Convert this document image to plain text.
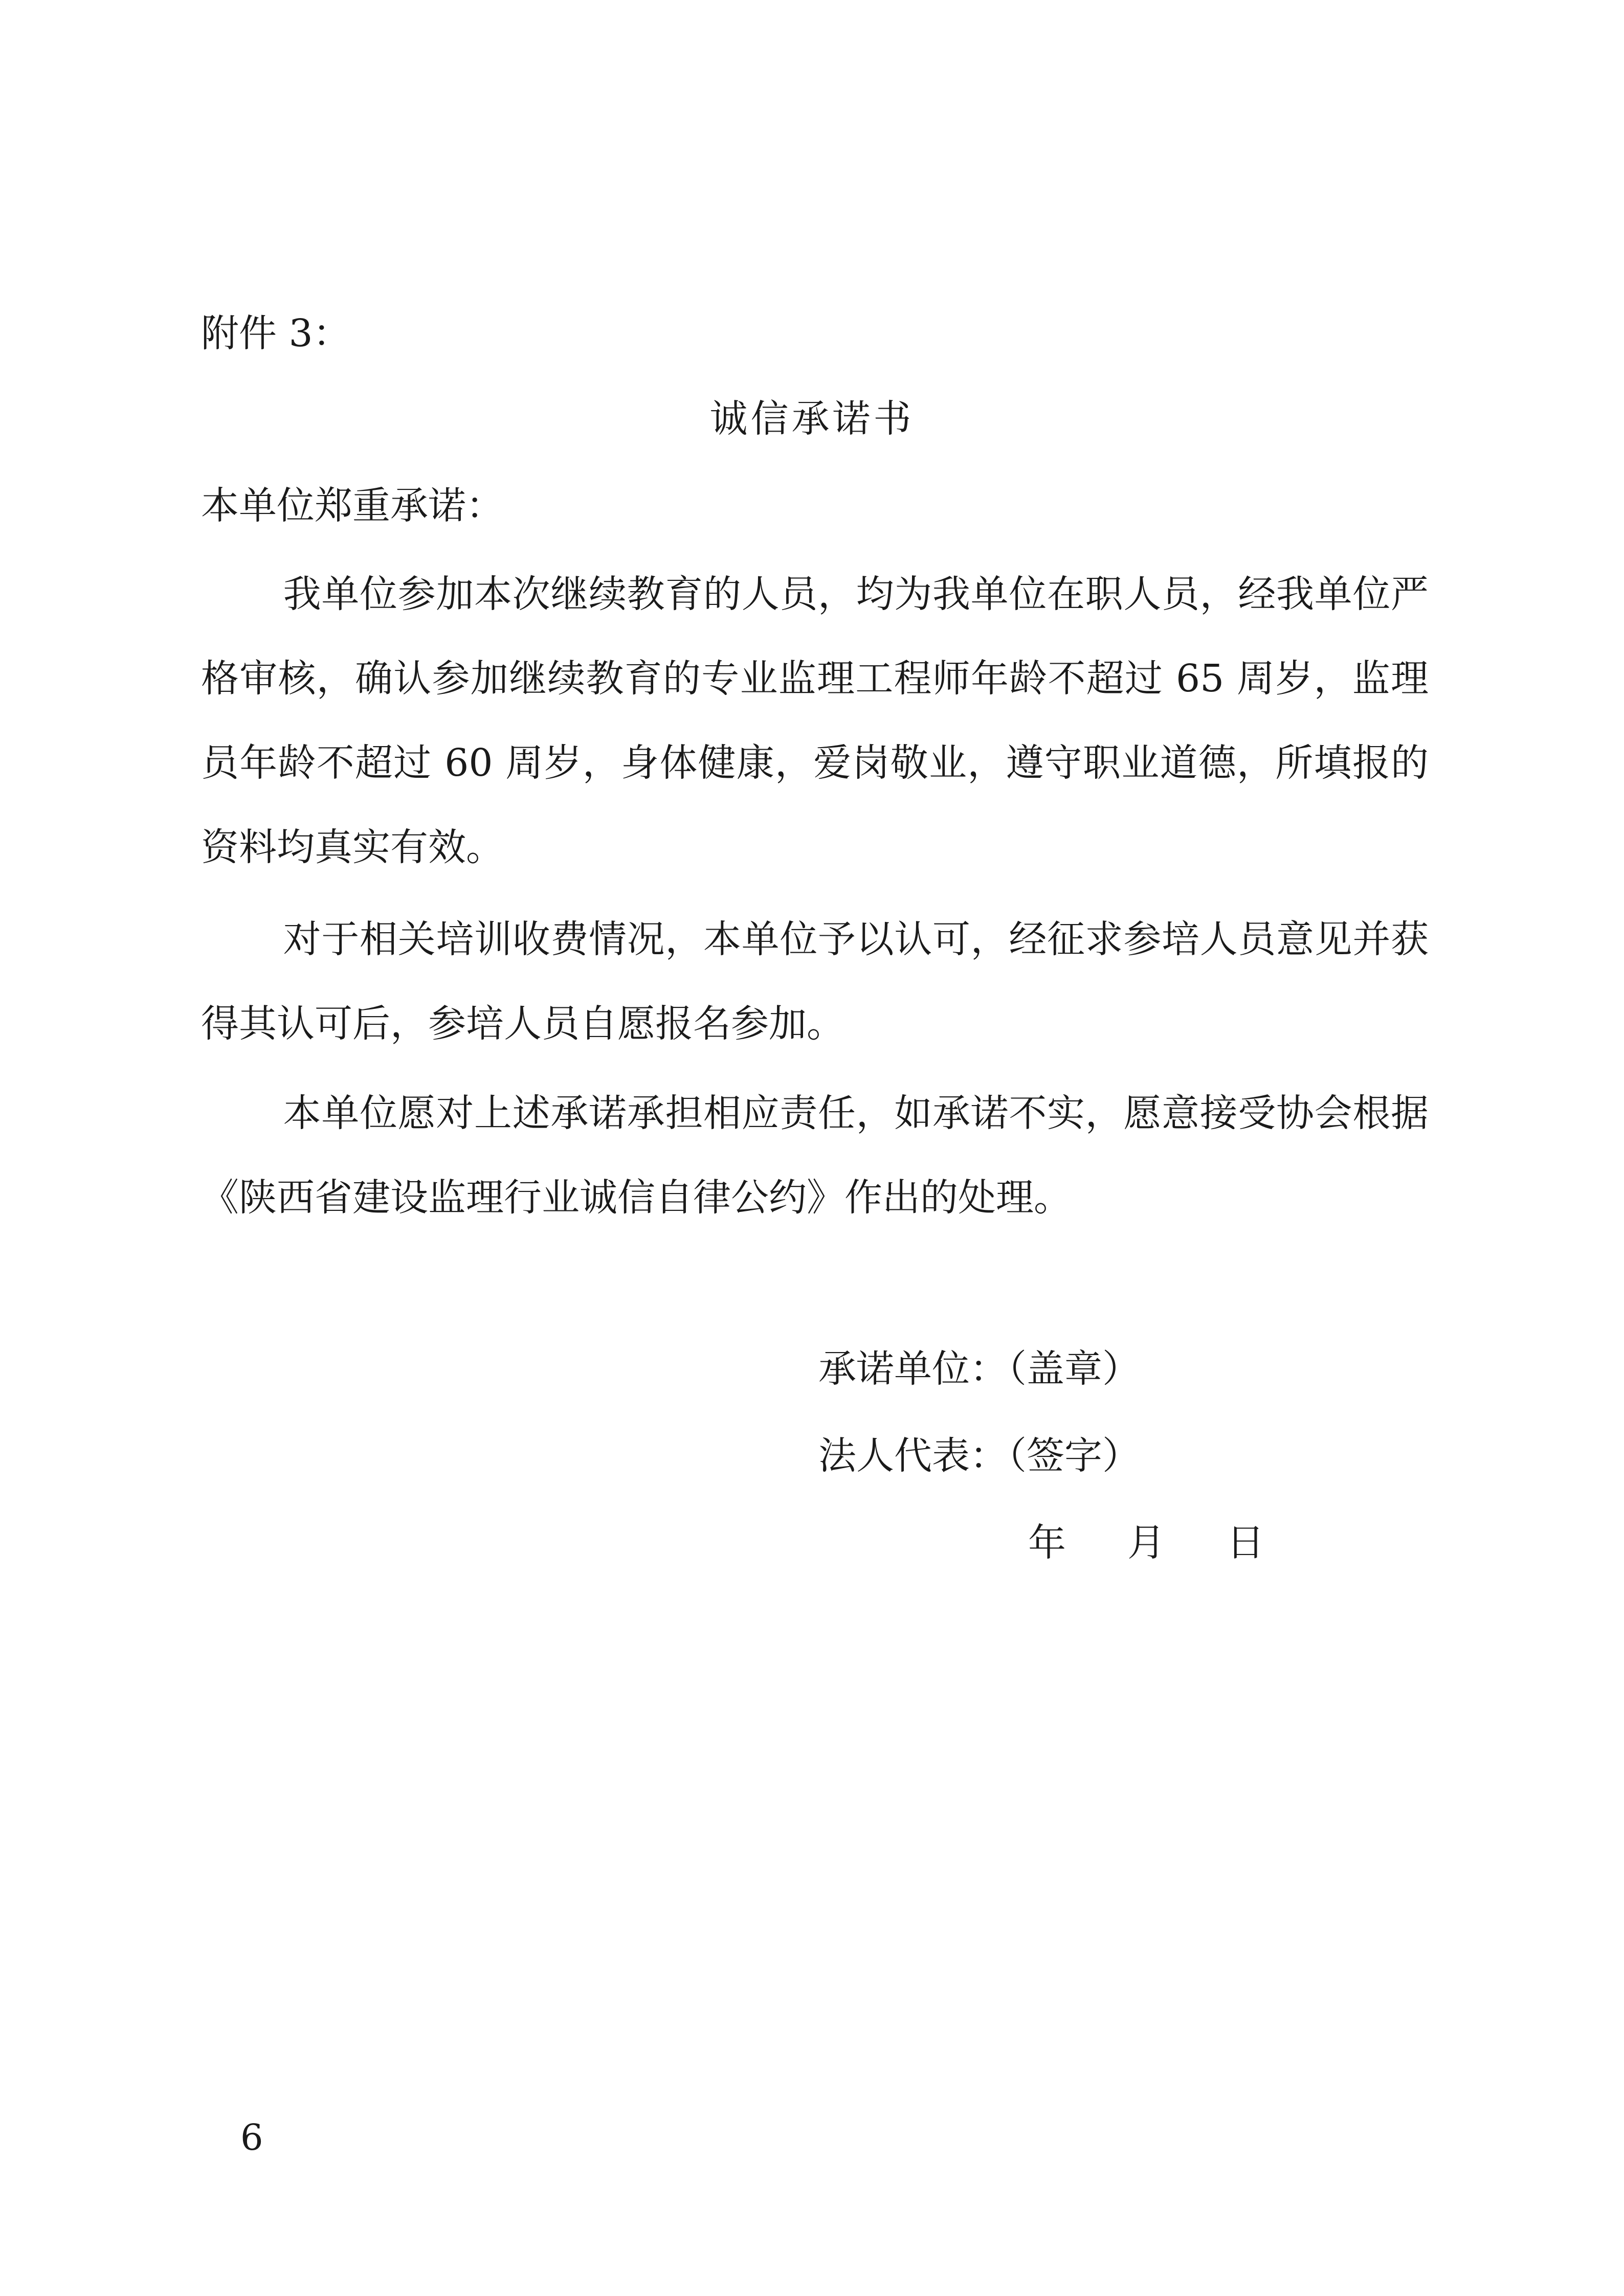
附件 3：
诚信承诺书
本单位郑重承诺：
我单位参加本次继续教育的人员，均为我单位在职人员，经我单位严格审核，确认参加继续教育的专业监理工程师年龄不超过 65 周岁，监理员年龄不超过 60 周岁，身体健康，爱岗敬业，遵守职业道德，所填报的资料均真实有效。
对于相关培训收费情况，本单位予以认可，经征求参培人员意见并获得其认可后，参培人员自愿报名参加。
本单位愿对上述承诺承担相应责任，如承诺不实，愿意接受协会根据《陕西省建设监理行业诚信自律公约》作出的处理。
承诺单位：（盖章）
法人代表：（签字）
年 月 日
6
